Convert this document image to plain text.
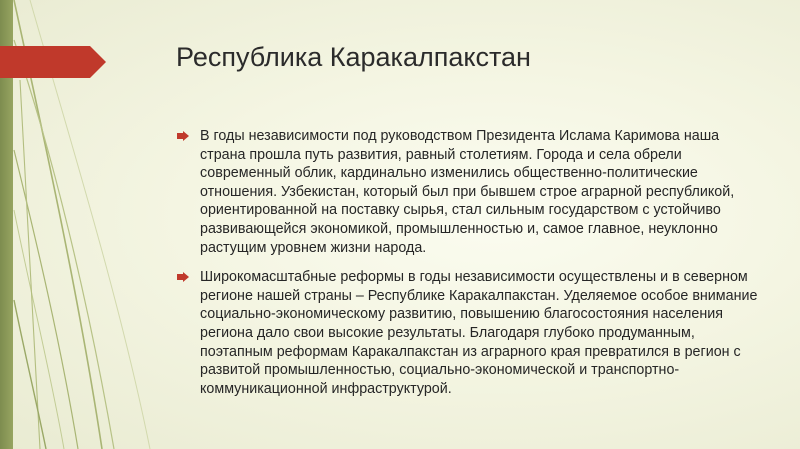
Республика Каракалпакстан
В годы независимости под руководством Президента Ислама Каримова наша страна прошла путь развития, равный столетиям. Города и села обрели современный облик, кардинально изменились общественно-политические отношения. Узбекистан, который был при бывшем строе аграрной республикой, ориентированной на поставку сырья, стал сильным государством с устойчиво развивающейся экономикой, промышленностью и, самое главное, неуклонно растущим уровнем жизни народа.
Широкомасштабные реформы в годы независимости осуществлены и в северном регионе нашей страны – Республике Каракалпакстан. Уделяемое особое внимание социально-экономическому развитию, повышению благосостояния населения региона дало свои высокие результаты. Благодаря глубоко продуманным, поэтапным реформам Каракалпакстан из аграрного края превратился в регион с развитой промышленностью, социально-экономической и транспортно-коммуникационной инфраструктурой.
